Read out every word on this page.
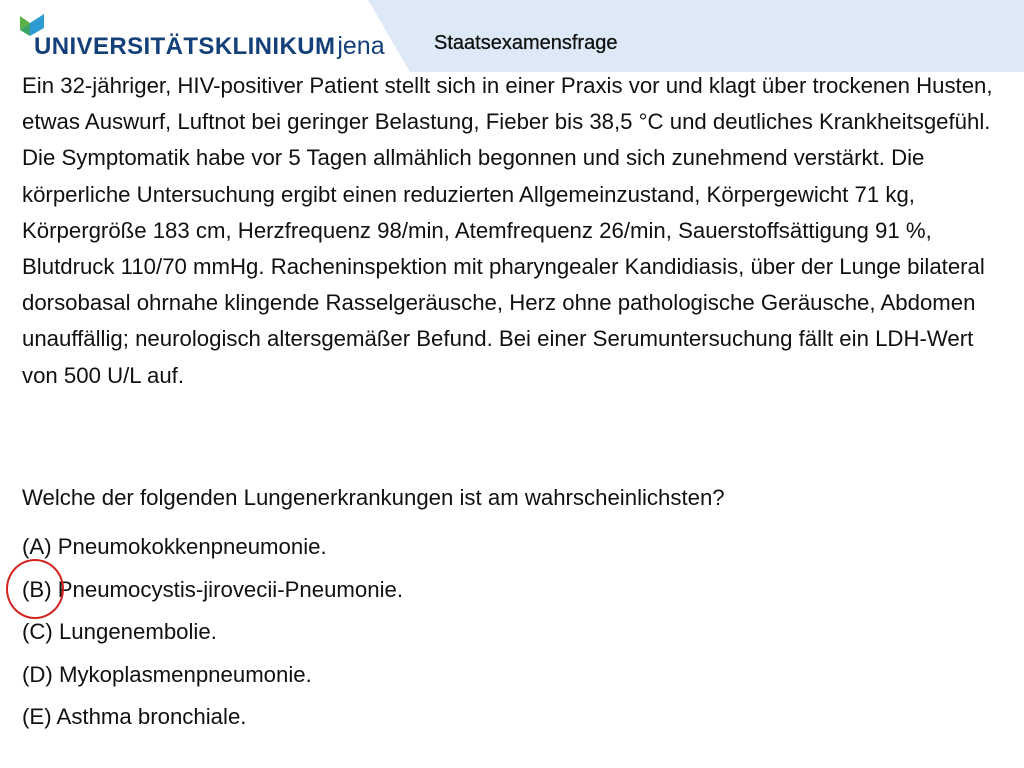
UNIVERSITÄTSKLINIKUMjena Staatsexamensfrage

Ein 32-jähriger, HIV-positiver Patient stellt sich in einer Praxis vor und klagt über trockenen Husten, etwas Auswurf, Luftnot bei geringer Belastung, Fieber bis 38,5 °C und deutliches Krankheitsgefühl. Die Symptomatik habe vor 5 Tagen allmählich begonnen und sich zunehmend verstärkt. Die körperliche Untersuchung ergibt einen reduzierten Allgemeinzustand, Körpergewicht 71 kg, Körpergröße 183 cm, Herzfrequenz 98/min, Atemfrequenz 26/min, Sauerstoffsättigung 91 %, Blutdruck 110/70 mmHg. Racheninspektion mit pharyngealer Kandidiasis, über der Lunge bilateral dorsobasal ohrnahe klingende Rasselgeräusche, Herz ohne pathologische Geräusche, Abdomen unauffällig; neurologisch altersgemäßer Befund. Bei einer Serumuntersuchung fällt ein LDH-Wert von 500 U/L auf.

Welche der folgenden Lungenerkrankungen ist am wahrscheinlichsten?
(A) Pneumokokkenpneumonie.
(B) Pneumocystis-jirovecii-Pneumonie.
(C) Lungenembolie.
(D) Mykoplasmenpneumonie.
(E) Asthma bronchiale.
